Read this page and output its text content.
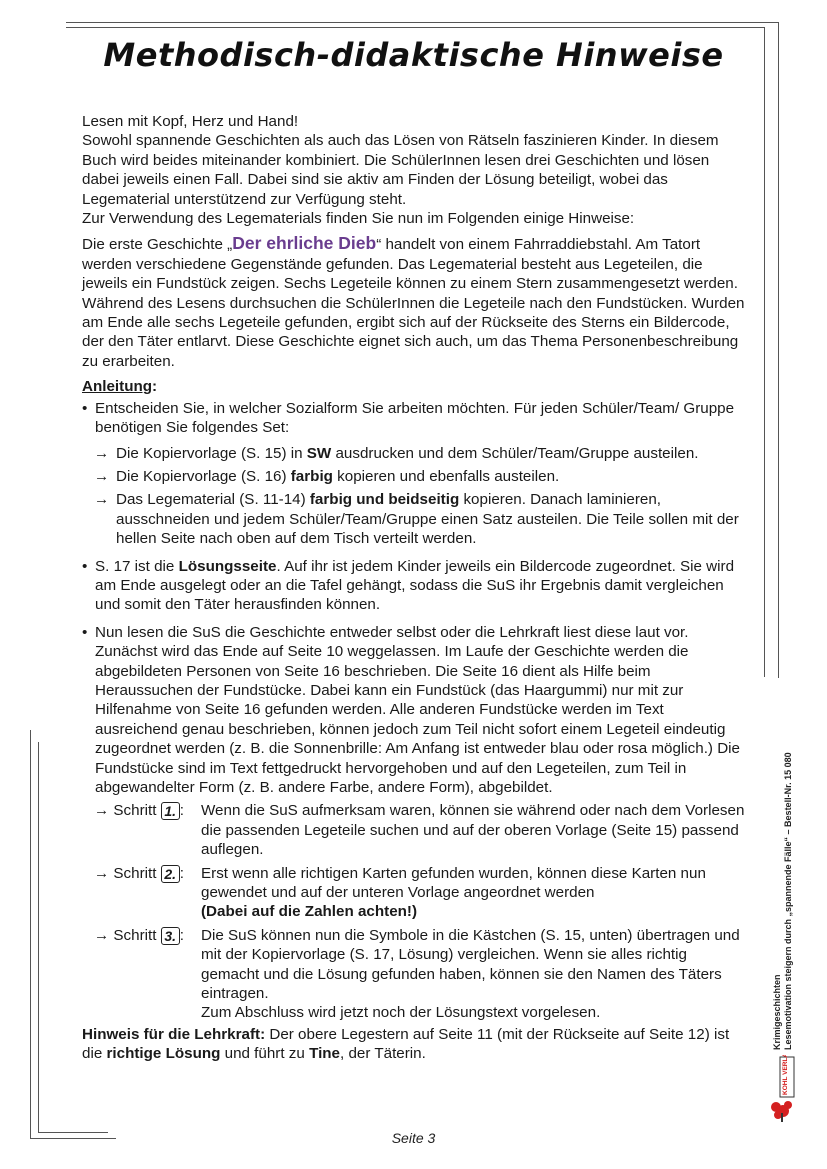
Methodisch-didaktische Hinweise

Lesen mit Kopf, Herz und Hand!

Sowohl spannende Geschichten als auch das Lösen von Rätseln faszinieren Kinder. In diesem Buch wird beides miteinander kombiniert. Die SchülerInnen lesen drei Geschichten und lösen dabei jeweils einen Fall. Dabei sind sie aktiv am Finden der Lösung beteiligt, wobei das Legematerial unterstützend zur Verfügung steht.

Zur Verwendung des Legematerials finden Sie nun im Folgenden einige Hinweise:

Die erste Geschichte „Der ehrliche Dieb“ handelt von einem Fahrraddiebstahl. Am Tatort werden verschiedene Gegenstände gefunden. Das Legematerial besteht aus Legeteilen, die jeweils ein Fundstück zeigen. Sechs Legeteile können zu einem Stern zusammengesetzt werden. Während des Lesens durchsuchen die SchülerInnen die Legeteile nach den Fundstücken. Wurden am Ende alle sechs Legeteile gefunden, ergibt sich auf der Rückseite des Sterns ein Bildercode, der den Täter entlarvt. Diese Geschichte eignet sich auch, um das Thema Personenbeschreibung zu erarbeiten.

Anleitung:

• Entscheiden Sie, in welcher Sozialform Sie arbeiten möchten. Für jeden Schüler/Team/ Gruppe benötigen Sie folgendes Set:
→ Die Kopiervorlage (S. 15) in SW ausdrucken und dem Schüler/Team/Gruppe austeilen.
→ Die Kopiervorlage (S. 16) farbig kopieren und ebenfalls austeilen.
→ Das Legematerial (S. 11-14) farbig und beidseitig kopieren. Danach laminieren, ausschneiden und jedem Schüler/Team/Gruppe einen Satz austeilen. Die Teile sollen mit der hellen Seite nach oben auf dem Tisch verteilt werden.
• S. 17 ist die Lösungsseite. Auf ihr ist jedem Kinder jeweils ein Bildercode zugeordnet. Sie wird am Ende ausgelegt oder an die Tafel gehängt, sodass die SuS ihr Ergebnis damit vergleichen und somit den Täter herausfinden können.
• Nun lesen die SuS die Geschichte entweder selbst oder die Lehrkraft liest diese laut vor. Zunächst wird das Ende auf Seite 10 weggelassen. Im Laufe der Geschichte werden die abgebildeten Personen von Seite 16 beschrieben. Die Seite 16 dient als Hilfe beim Heraussuchen der Fundstücke. Dabei kann ein Fundstück (das Haargummi) nur mit zur Hilfenahme von Seite 16 gefunden werden. Alle anderen Fundstücke werden im Text ausreichend genau beschrieben, können jedoch zum Teil nicht sofort einem Legeteil eindeutig zugeordnet werden (z. B. die Sonnenbrille: Am Anfang ist entweder blau oder rosa möglich.) Die Fundstücke sind im Text fettgedruckt hervorgehoben und auf den Legeteilen, zum Teil in abgewandelter Form (z. B. andere Farbe, andere Form), abgebildet.
→ Schritt 1. :	Wenn die SuS aufmerksam waren, können sie während oder nach dem Vorlesen die passenden Legeteile suchen und auf der oberen Vorlage (Seite 15) passend auflegen.
→ Schritt 2. :	Erst wenn alle richtigen Karten gefunden wurden, können diese Karten nun gewendet und auf der unteren Vorlage angeordnet werden
(Dabei auf die Zahlen achten!)
→ Schritt 3. :	Die SuS können nun die Symbole in die Kästchen (S. 15, unten) übertragen und mit der Kopiervorlage (S. 17, Lösung) vergleichen. Wenn sie alles richtig gemacht und die Lösung gefunden haben, können sie den Namen des Täters eintragen.
Zum Abschluss wird jetzt noch der Lösungstext vorgelesen.

Hinweis für die Lehrkraft: Der obere Legestern auf Seite 11 (mit der Rückseite auf Seite 12) ist die richtige Lösung und führt zu Tine, der Täterin.

Krimigeschichten Lesemotivation steigern durch „spannende Fälle“ – Bestell-Nr. 15 080
KOHL VERLAG
Seite 3
